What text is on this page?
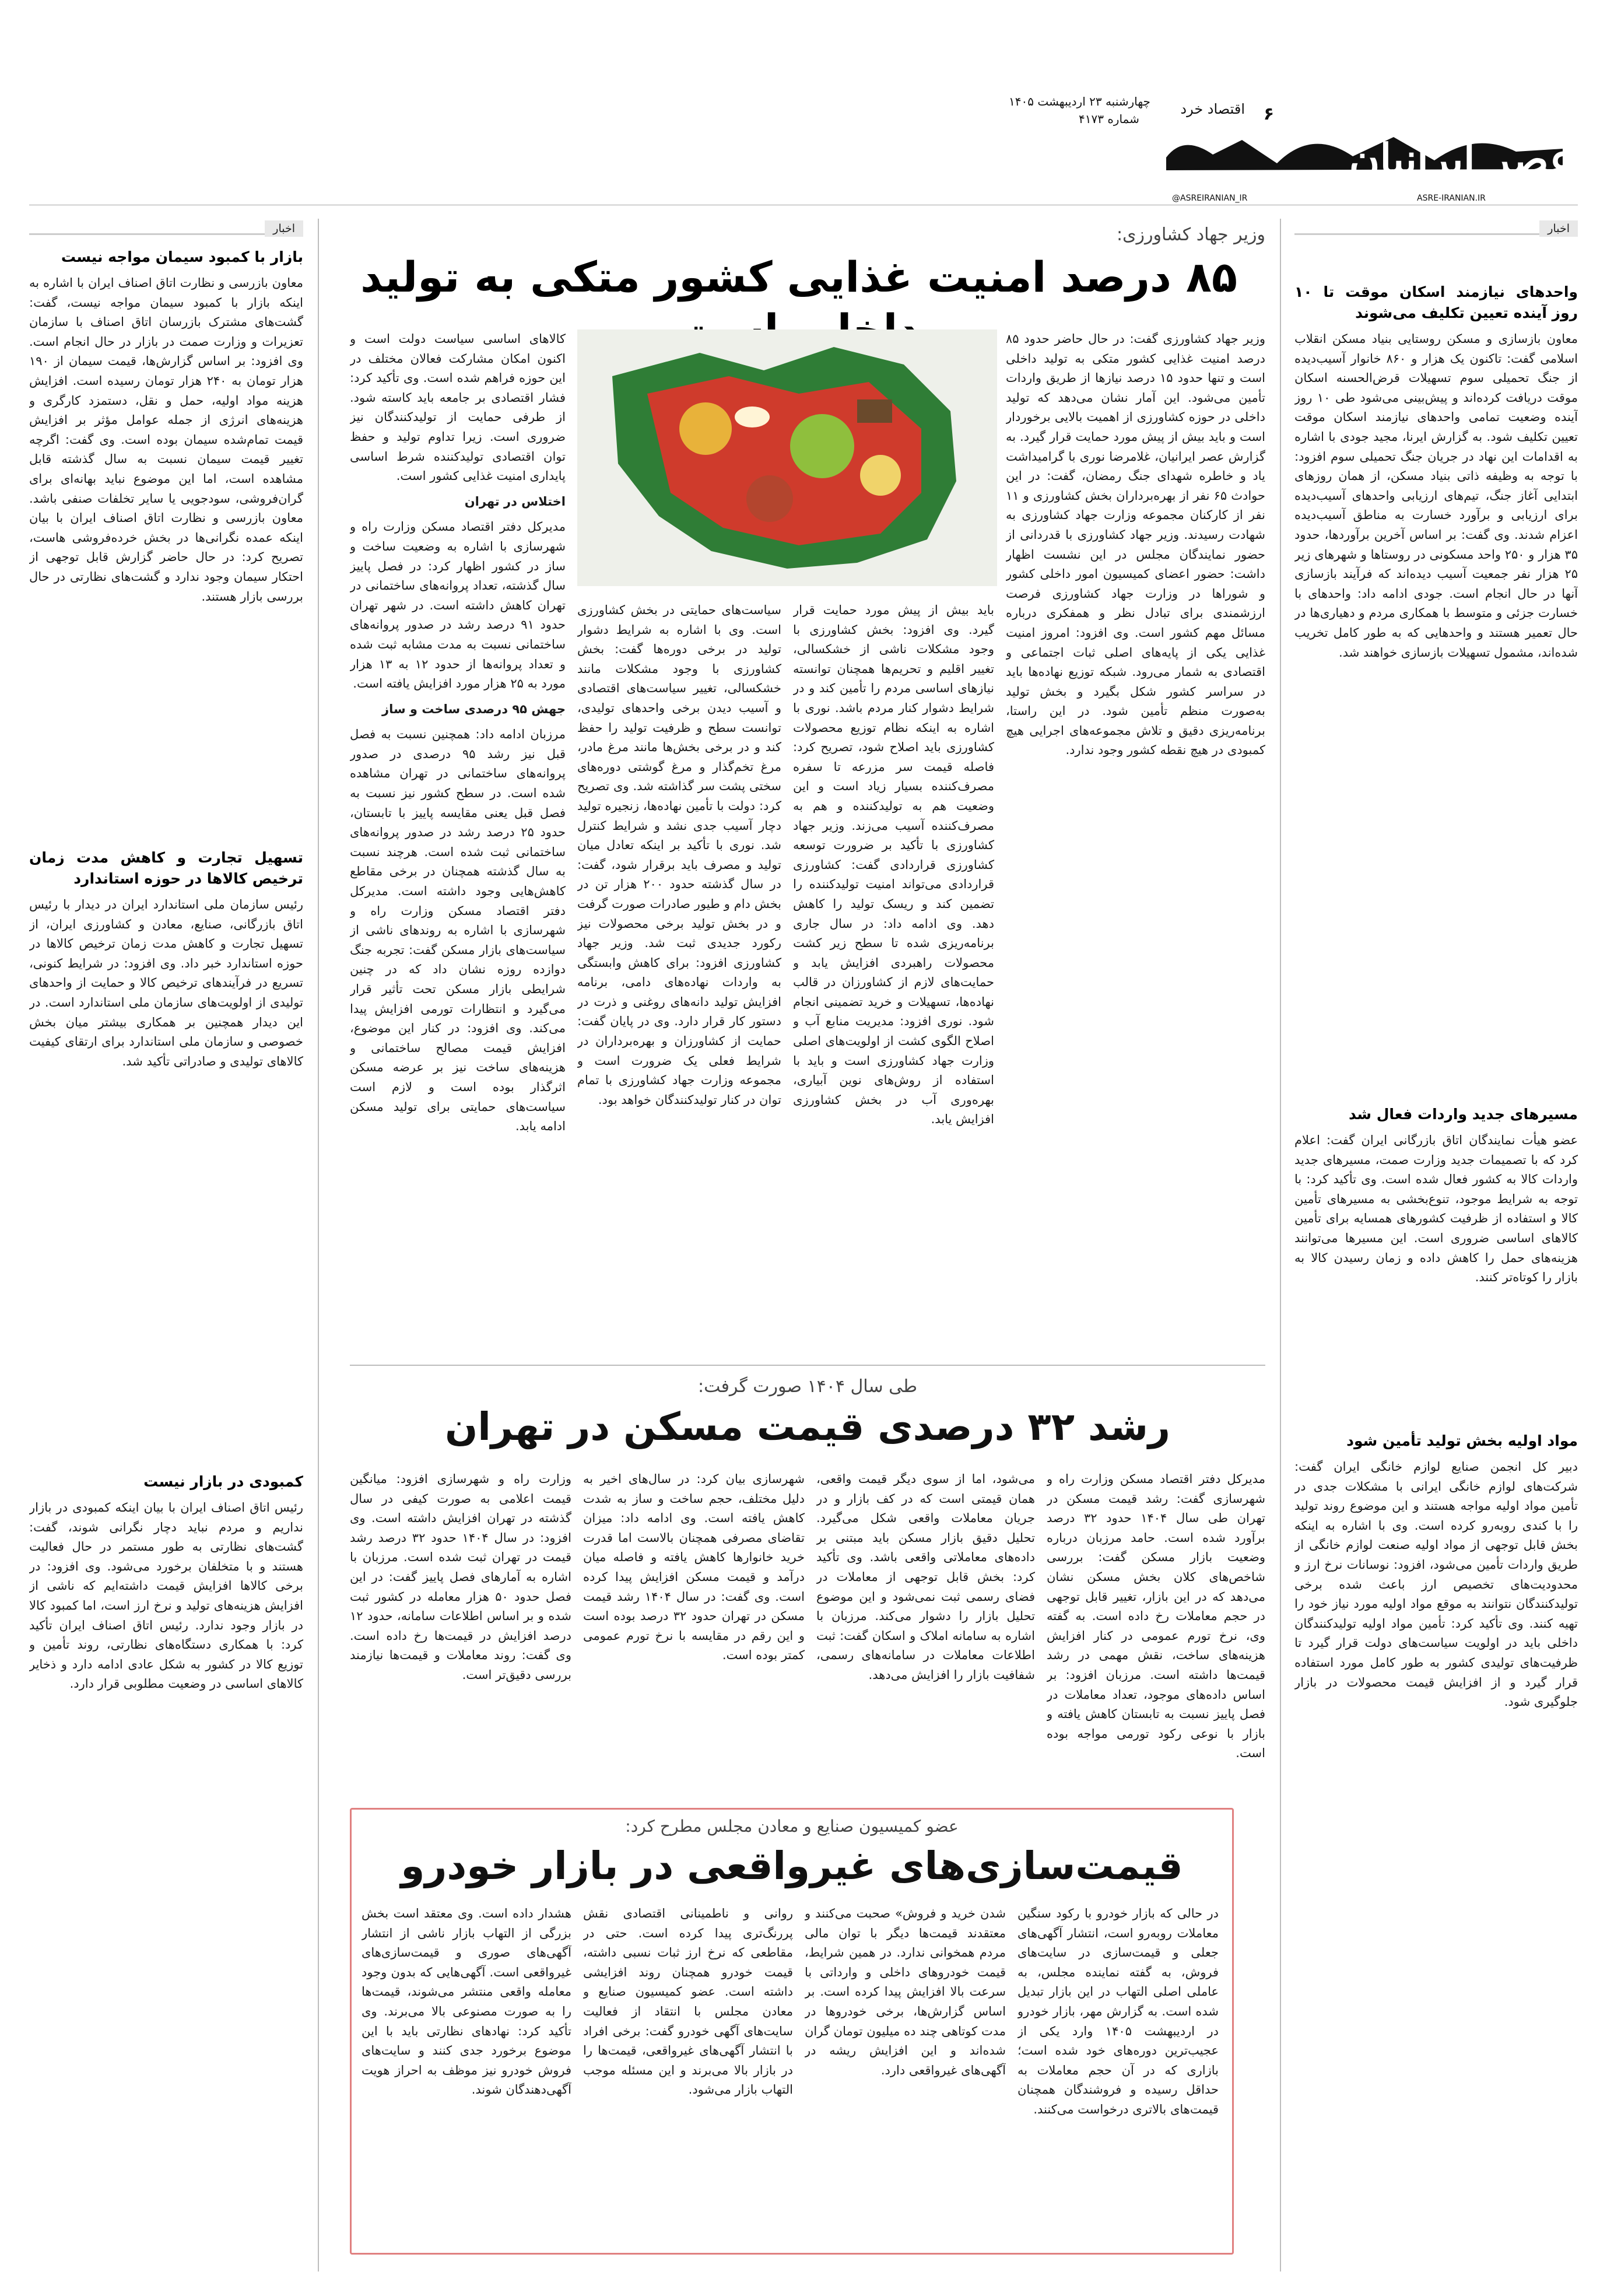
عصر ایرانیان
ASRE-IRANIAN.IR
@ASREIRANIAN_IR
اقتصاد خرد ۶
چهارشنبه ۲۳ اردیبهشت ۱۴۰۵
شماره ۴۱۷۳
اخبار

واحدهای نیازمند اسکان موقت تا ۱۰ روز آینده تعیین تکلیف می‌شوند

معاون بازسازی و مسکن روستایی بنیاد مسکن انقلاب اسلامی گفت: تاکنون یک هزار و ۸۶۰ خانوار آسیب‌دیده از جنگ تحمیلی سوم تسهیلات قرض‌الحسنه اسکان موقت دریافت کرده‌اند و پیش‌بینی می‌شود طی ۱۰ روز آینده وضعیت تمامی واحدهای نیازمند اسکان موقت تعیین تکلیف شود. به گزارش ایرنا، مجید جودی با اشاره به اقدامات این نهاد در جریان جنگ تحمیلی سوم افزود: با توجه به وظیفه ذاتی بنیاد مسکن، از همان روزهای ابتدایی آغاز جنگ، تیم‌های ارزیابی واحدهای آسیب‌دیده برای ارزیابی و برآورد خسارت به مناطق آسیب‌دیده اعزام شدند. وی گفت: بر اساس آخرین برآوردها، حدود ۳۵ هزار و ۲۵۰ واحد مسکونی در روستاها و شهرهای زیر ۲۵ هزار نفر جمعیت آسیب دیده‌اند که فرآیند بازسازی آنها در حال انجام است. جودی ادامه داد: واحدهای با خسارت جزئی و متوسط با همکاری مردم و دهیاری‌ها در حال تعمیر هستند و واحدهایی که به طور کامل تخریب شده‌اند، مشمول تسهیلات بازسازی خواهند شد.

مسیرهای جدید واردات فعال شد

عضو هیأت نمایندگان اتاق بازرگانی ایران گفت: اعلام کرد که با تصمیمات جدید وزارت صمت، مسیرهای جدید واردات کالا به کشور فعال شده است. وی تأکید کرد: با توجه به شرایط موجود، تنوع‌بخشی به مسیرهای تأمین کالا و استفاده از ظرفیت کشورهای همسایه برای تأمین کالاهای اساسی ضروری است. این مسیرها می‌توانند هزینه‌های حمل را کاهش داده و زمان رسیدن کالا به بازار را کوتاه‌تر کنند.

مواد اولیه بخش تولید تأمین شود

دبیر کل انجمن صنایع لوازم خانگی ایران گفت: شرکت‌های لوازم خانگی ایرانی با مشکلات جدی در تأمین مواد اولیه مواجه هستند و این موضوع روند تولید را با کندی روبه‌رو کرده است. وی با اشاره به اینکه بخش قابل توجهی از مواد اولیه صنعت لوازم خانگی از طریق واردات تأمین می‌شود، افزود: نوسانات نرخ ارز و محدودیت‌های تخصیص ارز باعث شده برخی تولیدکنندگان نتوانند به موقع مواد اولیه مورد نیاز خود را تهیه کنند. وی تأکید کرد: تأمین مواد اولیه تولیدکنندگان داخلی باید در اولویت سیاست‌های دولت قرار گیرد تا ظرفیت‌های تولیدی کشور به طور کامل مورد استفاده قرار گیرد و از افزایش قیمت محصولات در بازار جلوگیری شود.

اخبار

بازار با کمبود سیمان مواجه نیست

معاون بازرسی و نظارت اتاق اصناف ایران با اشاره به اینکه بازار با کمبود سیمان مواجه نیست، گفت: گشت‌های مشترک بازرسان اتاق اصناف با سازمان تعزیرات و وزارت صمت در بازار در حال انجام است. وی افزود: بر اساس گزارش‌ها، قیمت سیمان از ۱۹۰ هزار تومان به ۲۴۰ هزار تومان رسیده است. افزایش هزینه مواد اولیه، حمل و نقل، دستمزد کارگری و هزینه‌های انرژی از جمله عوامل مؤثر بر افزایش قیمت تمام‌شده سیمان بوده است. وی گفت: اگرچه تغییر قیمت سیمان نسبت به سال گذشته قابل مشاهده است، اما این موضوع نباید بهانه‌ای برای گران‌فروشی، سودجویی یا سایر تخلفات صنفی باشد. معاون بازرسی و نظارت اتاق اصناف ایران با بیان اینکه عمده نگرانی‌ها در بخش خرده‌فروشی هاست، تصریح کرد: در حال حاضر گزارش قابل توجهی از احتکار سیمان وجود ندارد و گشت‌های نظارتی در حال بررسی بازار هستند.

تسهیل تجارت و کاهش مدت زمان ترخیص کالاها در حوزه استاندارد

رئیس سازمان ملی استاندارد ایران در دیدار با رئیس اتاق بازرگانی، صنایع، معادن و کشاورزی ایران، از تسهیل تجارت و کاهش مدت زمان ترخیص کالاها در حوزه استاندارد خبر داد. وی افزود: در شرایط کنونی، تسریع در فرآیندهای ترخیص کالا و حمایت از واحدهای تولیدی از اولویت‌های سازمان ملی استاندارد است. در این دیدار همچنین بر همکاری بیشتر میان بخش خصوصی و سازمان ملی استاندارد برای ارتقای کیفیت کالاهای تولیدی و صادراتی تأکید شد.

کمبودی در بازار نیست

رئیس اتاق اصناف ایران با بیان اینکه کمبودی در بازار نداریم و مردم نباید دچار نگرانی شوند، گفت: گشت‌های نظارتی به طور مستمر در حال فعالیت هستند و با متخلفان برخورد می‌شود. وی افزود: در برخی کالاها افزایش قیمت داشته‌ایم که ناشی از افزایش هزینه‌های تولید و نرخ ارز است، اما کمبود کالا در بازار وجود ندارد. رئیس اتاق اصناف ایران تأکید کرد: با همکاری دستگاه‌های نظارتی، روند تأمین و توزیع کالا در کشور به شکل عادی ادامه دارد و ذخایر کالاهای اساسی در وضعیت مطلوبی قرار دارد.

وزیر جهاد کشاورزی:
۸۵ درصد امنیت غذایی کشور متکی به تولید

وزیر جهاد کشاورزی گفت: در حال حاضر حدود ۸۵ درصد امنیت غذایی کشور متکی به تولید داخلی است و تنها حدود ۱۵ درصد نیازها از طریق واردات تأمین می‌شود. این آمار نشان می‌دهد که تولید داخلی در حوزه کشاورزی از اهمیت بالایی برخوردار است و باید بیش از پیش مورد حمایت قرار گیرد. به گزارش عصر ایرانیان، غلامرضا نوری با گرامیداشت یاد و خاطره شهدای جنگ رمضان، گفت: در این حوادث ۶۵ نفر از بهره‌برداران بخش کشاورزی و ۱۱ نفر از کارکنان مجموعه وزارت جهاد کشاورزی به شهادت رسیدند. وزیر جهاد کشاورزی با قدردانی از حضور نمایندگان مجلس در این نشست اظهار داشت: حضور اعضای کمیسیون امور داخلی کشور و شوراها در وزارت جهاد کشاورزی فرصت ارزشمندی برای تبادل نظر و همفکری درباره مسائل مهم کشور است. وی افزود: امروز امنیت غذایی یکی از پایه‌های اصلی ثبات اجتماعی و اقتصادی به شمار می‌رود. شبکه توزیع نهاده‌ها باید در سراسر کشور شکل بگیرد و بخش تولید به‌صورت منظم تأمین شود. در این راستا، برنامه‌ریزی دقیق و تلاش مجموعه‌های اجرایی هیچ کمبودی در هیچ نقطه کشور وجود ندارد.

باید بیش از پیش مورد حمایت قرار گیرد. وی افزود: بخش کشاورزی با وجود مشکلات ناشی از خشکسالی، تغییر اقلیم و تحریم‌ها همچنان توانسته نیازهای اساسی مردم را تأمین کند و در شرایط دشوار کنار مردم باشد. نوری با اشاره به اینکه نظام توزیع محصولات کشاورزی باید اصلاح شود، تصریح کرد: فاصله قیمت سر مزرعه تا سفره مصرف‌کننده بسیار زیاد است و این وضعیت هم به تولیدکننده و هم به مصرف‌کننده آسیب می‌زند. وزیر جهاد کشاورزی با تأکید بر ضرورت توسعه کشاورزی قراردادی گفت: کشاورزی قراردادی می‌تواند امنیت تولیدکننده را تضمین کند و ریسک تولید را کاهش دهد. وی ادامه داد: در سال جاری برنامه‌ریزی شده تا سطح زیر کشت محصولات راهبردی افزایش یابد و حمایت‌های لازم از کشاورزان در قالب نهاده‌ها، تسهیلات و خرید تضمینی انجام شود. نوری افزود: مدیریت منابع آب و اصلاح الگوی کشت از اولویت‌های اصلی وزارت جهاد کشاورزی است و باید با استفاده از روش‌های نوین آبیاری، بهره‌وری آب در بخش کشاورزی افزایش یابد.

سیاست‌های حمایتی در بخش کشاورزی است. وی با اشاره به شرایط دشوار تولید در برخی دوره‌ها گفت: بخش کشاورزی با وجود مشکلات مانند خشکسالی، تغییر سیاست‌های اقتصادی و آسیب دیدن برخی واحدهای تولیدی، توانست سطح و ظرفیت تولید را حفظ کند و در برخی بخش‌ها مانند مرغ مادر، مرغ تخم‌گذار و مرغ گوشتی دوره‌های سختی پشت سر گذاشته شد. وی تصریح کرد: دولت با تأمین نهاده‌ها، زنجیره تولید دچار آسیب جدی نشد و شرایط کنترل شد. نوری با تأکید بر اینکه تعادل میان تولید و مصرف باید برقرار شود، گفت: در سال گذشته حدود ۲۰۰ هزار تن در بخش دام و طیور صادرات صورت گرفت و در بخش تولید برخی محصولات نیز رکورد جدیدی ثبت شد. وزیر جهاد کشاورزی افزود: برای کاهش وابستگی به واردات نهاده‌های دامی، برنامه افزایش تولید دانه‌های روغنی و ذرت در دستور کار قرار دارد. وی در پایان گفت: حمایت از کشاورزان و بهره‌برداران در شرایط فعلی یک ضرورت است و مجموعه وزارت جهاد کشاورزی با تمام توان در کنار تولیدکنندگان خواهد بود.

کالاهای اساسی سیاست دولت است و اکنون امکان مشارکت فعالان مختلف در این حوزه فراهم شده است. وی تأکید کرد: فشار اقتصادی بر جامعه باید کاسته شود. از طرفی حمایت از تولیدکنندگان نیز ضروری است. زیرا تداوم تولید و حفظ توان اقتصادی تولیدکننده شرط اساسی پایداری امنیت غذایی کشور است.

اختلاس در تهران

مدیرکل دفتر اقتصاد مسکن وزارت راه و شهرسازی با اشاره به وضعیت ساخت و ساز در کشور اظهار کرد: در فصل پاییز سال گذشته، تعداد پروانه‌های ساختمانی در تهران کاهش داشته است. در شهر تهران حدود ۹۱ درصد رشد در صدور پروانه‌های ساختمانی نسبت به مدت مشابه ثبت شده و تعداد پروانه‌ها از حدود ۱۲ به ۱۳ هزار مورد به ۲۵ هزار مورد افزایش یافته است.

جهش ۹۵ درصدی ساخت و ساز

مرزبان ادامه داد: همچنین نسبت به فصل قبل نیز رشد ۹۵ درصدی در صدور پروانه‌های ساختمانی در تهران مشاهده شده است. در سطح کشور نیز نسبت به فصل قبل یعنی مقایسه پاییز با تابستان، حدود ۲۵ درصد رشد در صدور پروانه‌های ساختمانی ثبت شده است. هرچند نسبت به سال گذشته همچنان در برخی مقاطع کاهش‌هایی وجود داشته است. مدیرکل دفتر اقتصاد مسکن وزارت راه و شهرسازی با اشاره به روندهای ناشی از سیاست‌های بازار مسکن گفت: تجربه جنگ دوازده روزه نشان داد که در چنین شرایطی بازار مسکن تحت تأثیر قرار می‌گیرد و انتظارات تورمی افزایش پیدا می‌کند. وی افزود: در کنار این موضوع، افزایش قیمت مصالح ساختمانی و هزینه‌های ساخت نیز بر عرضه مسکن اثرگذار بوده است و لازم است سیاست‌های حمایتی برای تولید مسکن ادامه یابد.

طی سال ۱۴۰۴ صورت گرفت:
رشد ۳۲ درصدی قیمت مسکن در تهران

مدیرکل دفتر اقتصاد مسکن وزارت راه و شهرسازی گفت: رشد قیمت مسکن در تهران طی سال ۱۴۰۴ حدود ۳۲ درصد برآورد شده است. حامد مرزبان درباره وضعیت بازار مسکن گفت: بررسی شاخص‌های کلان بخش مسکن نشان می‌دهد که در این بازار، تغییر قابل توجهی در حجم معاملات رخ داده است. به گفته وی، نرخ تورم عمومی در کنار افزایش هزینه‌های ساخت، نقش مهمی در رشد قیمت‌ها داشته است. مرزبان افزود: بر اساس داده‌های موجود، تعداد معاملات در فصل پاییز نسبت به تابستان کاهش یافته و بازار با نوعی رکود تورمی مواجه بوده است.

می‌شود، اما از سوی دیگر قیمت واقعی، همان قیمتی است که در کف بازار و در جریان معاملات واقعی شکل می‌گیرد. تحلیل دقیق بازار مسکن باید مبتنی بر داده‌های معاملاتی واقعی باشد. وی تأکید کرد: بخش قابل توجهی از معاملات در فضای رسمی ثبت نمی‌شود و این موضوع تحلیل بازار را دشوار می‌کند. مرزبان با اشاره به سامانه املاک و اسکان گفت: ثبت اطلاعات معاملات در سامانه‌های رسمی، شفافیت بازار را افزایش می‌دهد.

شهرسازی بیان کرد: در سال‌های اخیر به دلیل مختلف، حجم ساخت و ساز به شدت کاهش یافته است. وی ادامه داد: میزان تقاضای مصرفی همچنان بالاست اما قدرت خرید خانوارها کاهش یافته و فاصله میان درآمد و قیمت مسکن افزایش پیدا کرده است. وی گفت: در سال ۱۴۰۴ رشد قیمت مسکن در تهران حدود ۳۲ درصد بوده است و این رقم در مقایسه با نرخ تورم عمومی کمتر بوده است.

وزارت راه و شهرسازی افزود: میانگین قیمت اعلامی به صورت کیفی در سال گذشته در تهران افزایش داشته است. وی افزود: در سال ۱۴۰۴ حدود ۳۲ درصد رشد قیمت در تهران ثبت شده است. مرزبان با اشاره به آمارهای فصل پاییز گفت: در این فصل حدود ۵۰ هزار معامله در کشور ثبت شده و بر اساس اطلاعات سامانه، حدود ۱۲ درصد افزایش در قیمت‌ها رخ داده است. وی گفت: روند معاملات و قیمت‌ها نیازمند بررسی دقیق‌تر است.

عضو کمیسیون صنایع و معادن مجلس مطرح کرد:
قیمت‌سازی‌های غیرواقعی در بازار خودرو

در حالی که بازار خودرو با رکود سنگین معاملات روبه‌رو است، انتشار آگهی‌های جعلی و قیمت‌سازی در سایت‌های فروش، به گفته نماینده مجلس، به عاملی اصلی التهاب در این بازار تبدیل شده است. به گزارش مهر، بازار خودرو در اردیبهشت ۱۴۰۵ وارد یکی از عجیب‌ترین دوره‌های خود شده است؛ بازاری که در آن حجم معاملات به حداقل رسیده و فروشندگان همچنان قیمت‌های بالاتری درخواست می‌کنند.

شدن خرید و فروش» صحبت می‌کنند و معتقدند قیمت‌ها دیگر با توان مالی مردم همخوانی ندارد. در همین شرایط، قیمت خودروهای داخلی و وارداتی با سرعت بالا افزایش پیدا کرده است. بر اساس گزارش‌ها، برخی خودروها در مدت کوتاهی چند ده میلیون تومان گران شده‌اند و این افزایش ریشه در آگهی‌های غیرواقعی دارد.

روانی و ناطمینانی اقتصادی نقش پررنگ‌تری پیدا کرده است. حتی در مقاطعی که نرخ ارز ثبات نسبی داشته، قیمت خودرو همچنان روند افزایشی داشته است. عضو کمیسیون صنایع و معادن مجلس با انتقاد از فعالیت سایت‌های آگهی خودرو گفت: برخی افراد با انتشار آگهی‌های غیرواقعی، قیمت‌ها را در بازار بالا می‌برند و این مسئله موجب التهاب بازار می‌شود.

هشدار داده است. وی معتقد است بخش بزرگی از التهاب بازار ناشی از انتشار آگهی‌های صوری و قیمت‌سازی‌های غیرواقعی است. آگهی‌هایی که بدون وجود معامله واقعی منتشر می‌شوند، قیمت‌ها را به صورت مصنوعی بالا می‌برند. وی تأکید کرد: نهادهای نظارتی باید با این موضوع برخورد جدی کنند و سایت‌های فروش خودرو نیز موظف به احراز هویت آگهی‌دهندگان شوند.
